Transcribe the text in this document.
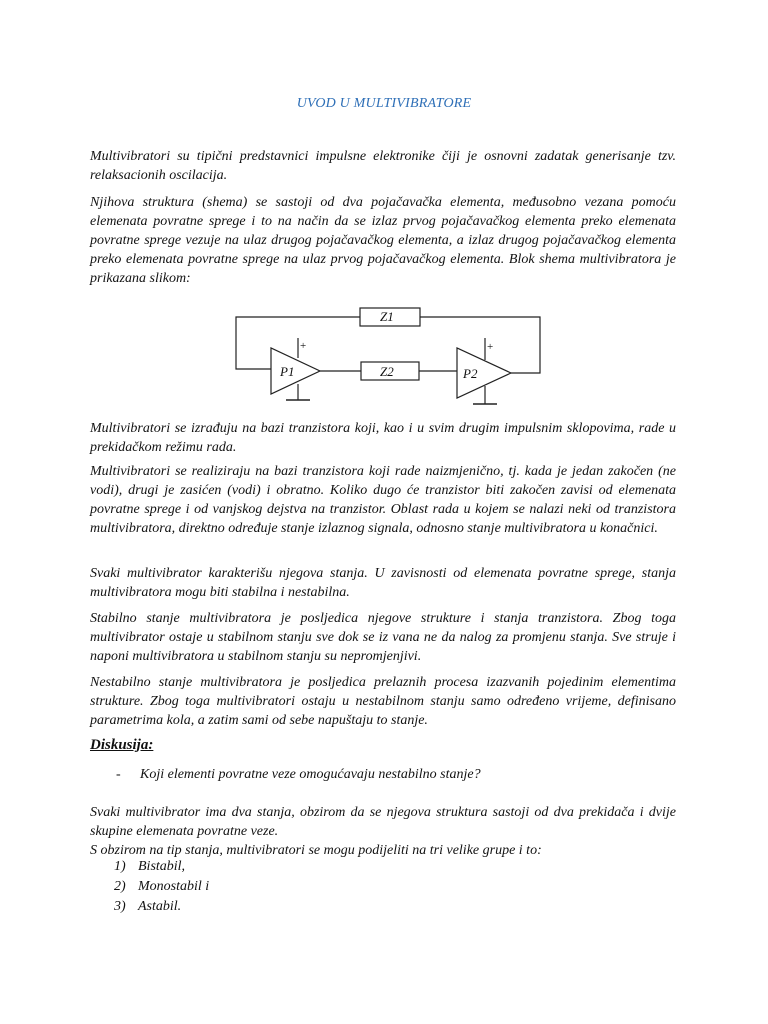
UVOD U MULTIVIBRATORE

Multivibratori su tipični predstavnici impulsne elektronike čiji je osnovni zadatak generisanje tzv. relaksacionih oscilacija.

Njihova struktura (shema) se sastoji od dva pojačavačka elementa, međusobno vezana pomoću elemenata povratne sprege i to na način da se izlaz prvog pojačavačkog elementa preko elemenata povratne sprege vezuje na ulaz drugog pojačavačkog elementa, a izlaz drugog pojačavačkog elementa preko elemenata povratne sprege na ulaz prvog pojačavačkog elementa. Blok shema multivibratora je prikazana slikom:

Z1
Z2
P1	P2
+	+

Multivibratori se izrađuju na bazi tranzistora koji, kao i u svim drugim impulsnim sklopovima, rade u prekidačkom režimu rada.

Multivibratori se realiziraju na bazi tranzistora koji rade naizmjenično, tj. kada je jedan zakočen (ne vodi), drugi je zasićen (vodi) i obratno. Koliko dugo će tranzistor biti zakočen zavisi od elemenata povratne sprege i od vanjskog dejstva na tranzistor. Oblast rada u kojem se nalazi neki od tranzistora multivibratora, direktno određuje stanje izlaznog signala, odnosno stanje multivibratora u konačnici.

Svaki multivibrator karakterišu njegova stanja. U zavisnosti od elemenata povratne sprege, stanja multivibratora mogu biti stabilna i nestabilna.

Stabilno stanje multivibratora je posljedica njegove strukture i stanja tranzistora. Zbog toga multivibrator ostaje u stabilnom stanju sve dok se iz vana ne da nalog za promjenu stanja. Sve struje i naponi multivibratora u stabilnom stanju su nepromjenjivi.

Nestabilno stanje multivibratora je posljedica prelaznih procesa izazvanih pojedinim elementima strukture. Zbog toga multivibratori ostaju u nestabilnom stanju samo određeno vrijeme, definisano parametrima kola, a zatim sami od sebe napuštaju to stanje.

Diskusija:
- Koji elementi povratne veze omogućavaju nestabilno stanje?

Svaki multivibrator ima dva stanja, obzirom da se njegova struktura sastoji od dva prekidača i dvije skupine elemenata povratne veze.

S obzirom na tip stanja, multivibratori se mogu podijeliti na tri velike grupe i to:

1) Bistabil,
2) Monostabil i
3) Astabil.
